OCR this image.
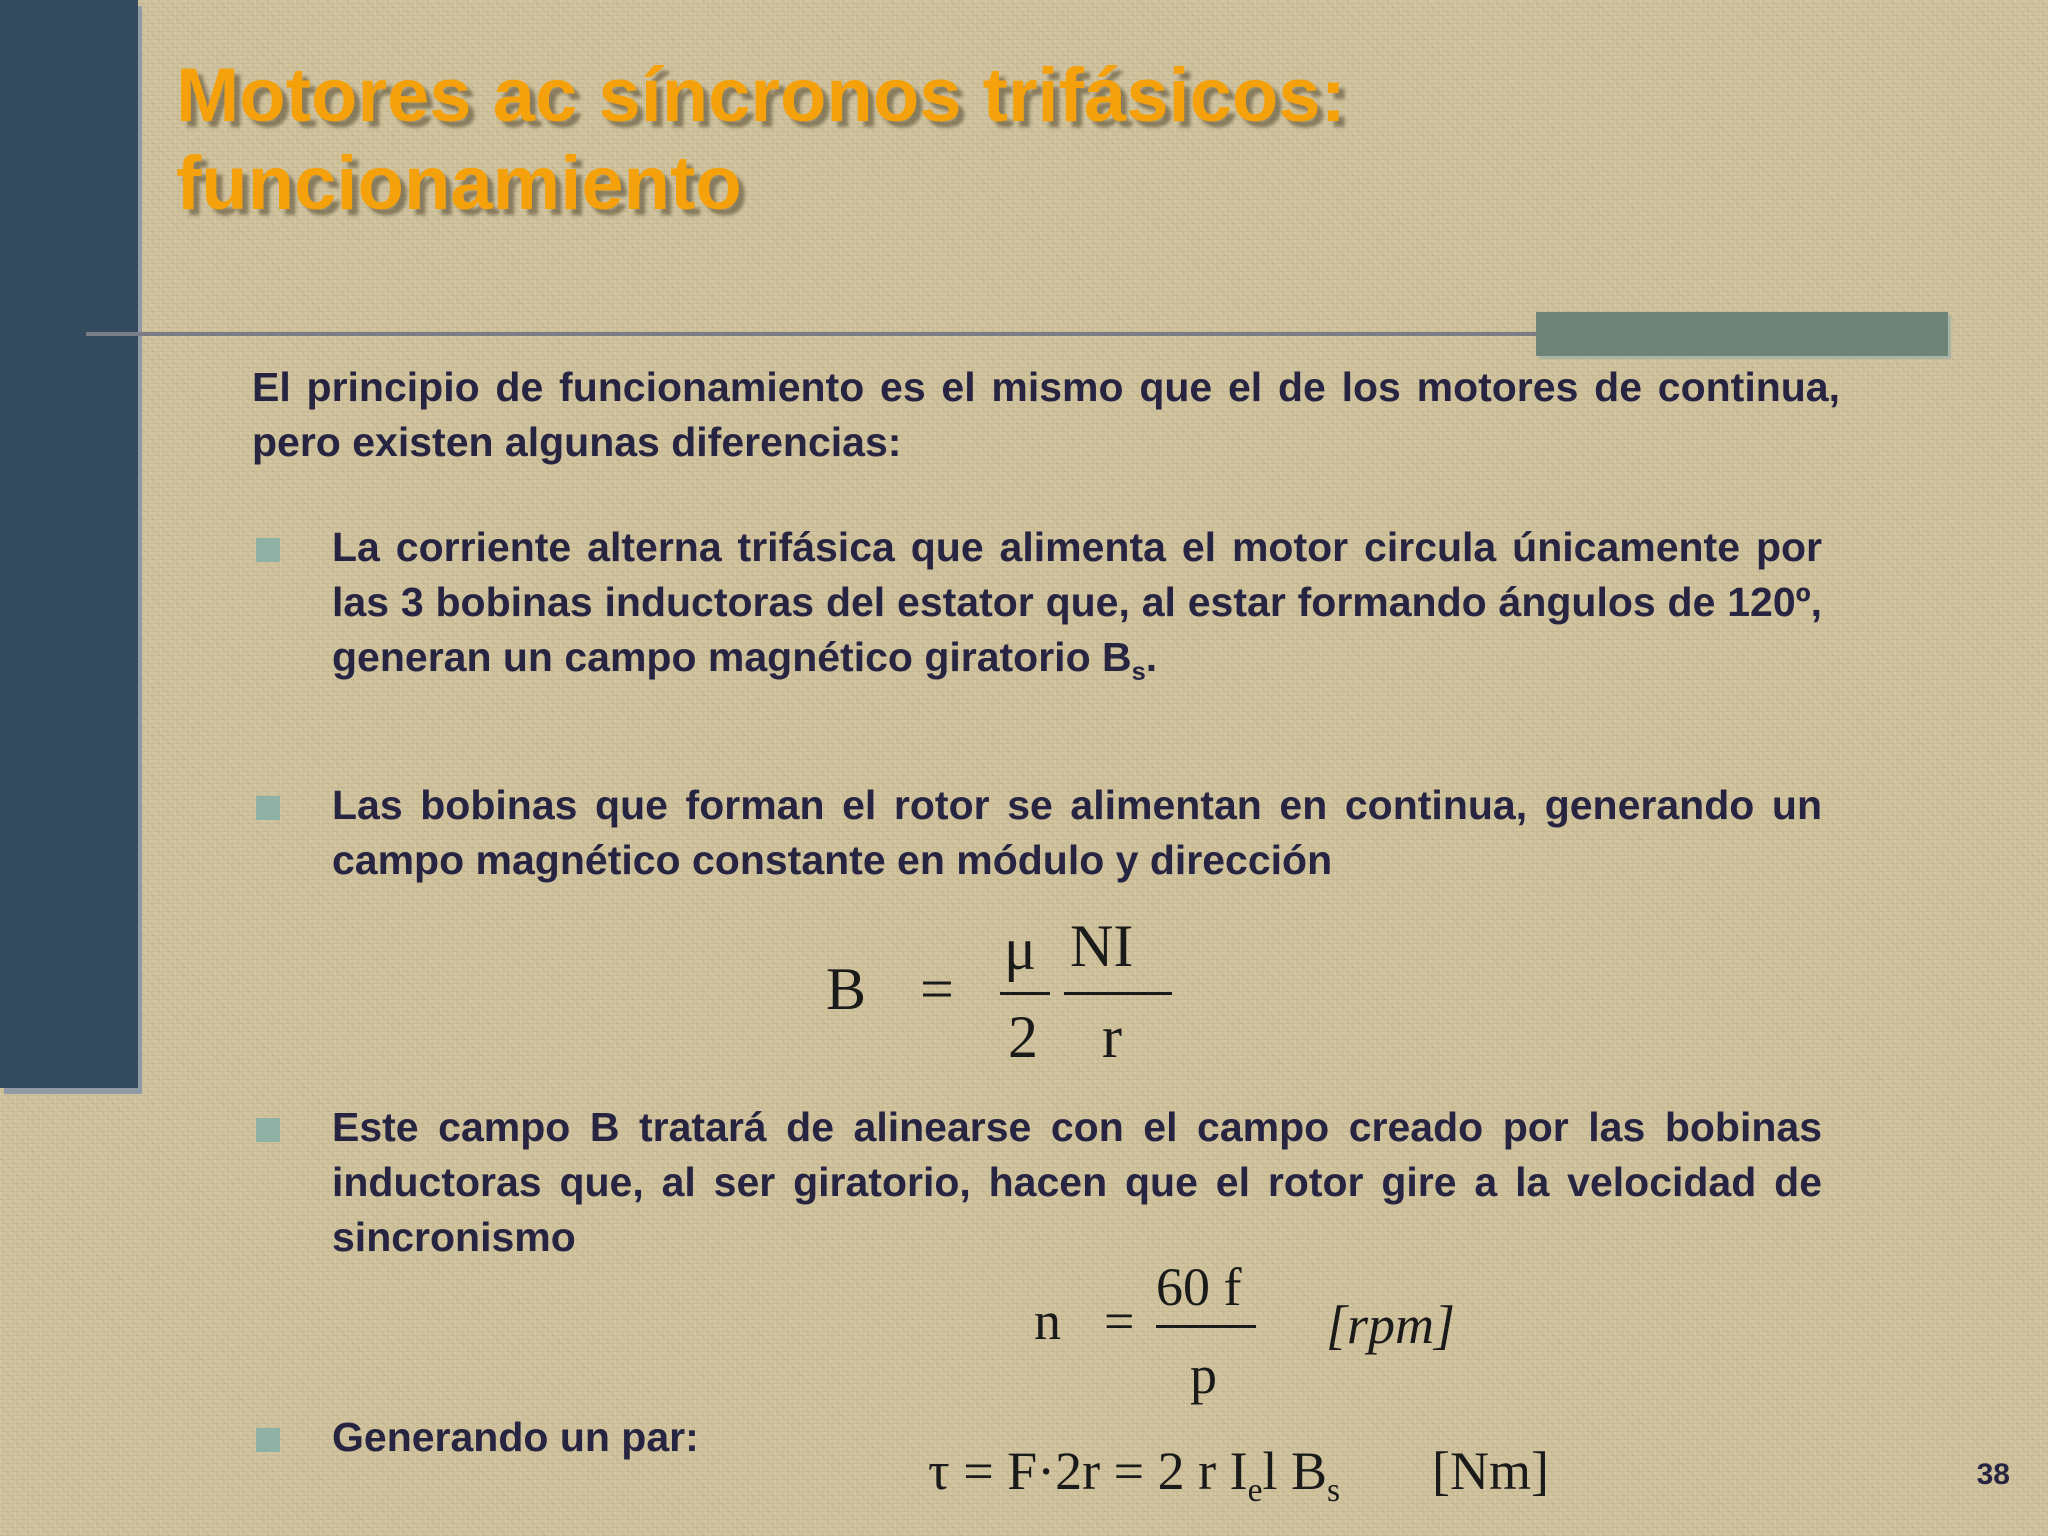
Motores ac síncronos trifásicos:
funcionamiento
El principio de funcionamiento es el mismo que el de los motores de continua, pero existen algunas diferencias:
La corriente alterna trifásica que alimenta el motor circula únicamente por las 3 bobinas inductoras del estator que, al estar formando ángulos de 120º, generan un campo magnético giratorio $B_s$.
Las bobinas que forman el rotor se alimentan en continua, generando un campo magnético constante en módulo y dirección
B =
μ
2
NI
r
Este campo B tratará de alinearse con el campo creado por las bobinas inductoras que, al ser giratorio, hacen que el rotor gire a la velocidad de sincronismo
n =
60 f
p
[rpm]
Generando un par:
τ = F·2r = 2 r $I_el$ $B_s$ [Nm]	38
